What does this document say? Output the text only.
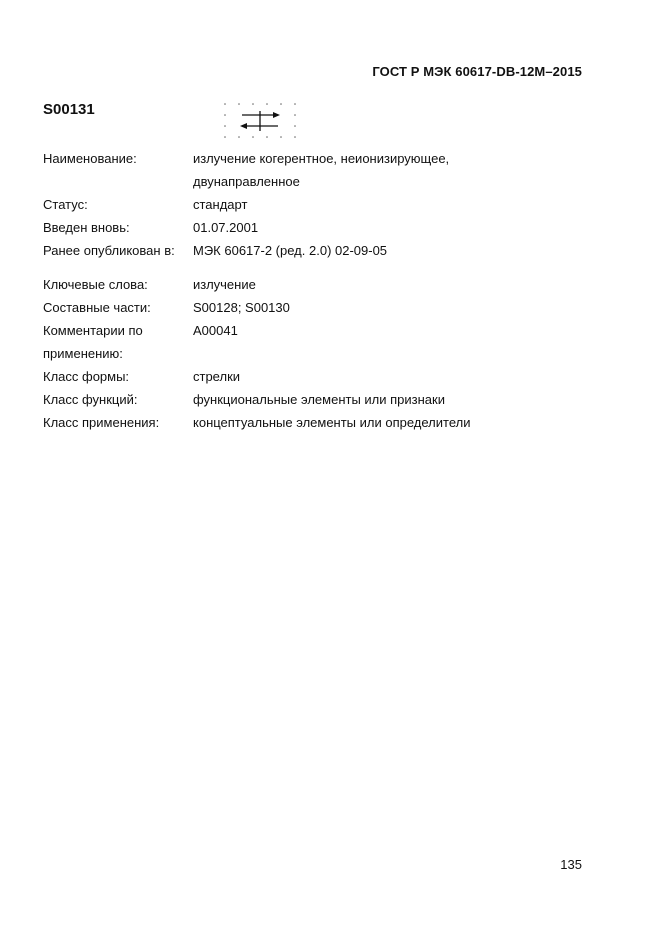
ГОСТ Р МЭК 60617-DB-12M–2015
S00131
Наименование:	излучение когерентное, неионизирующее,
двунаправленное
Статус:	стандарт
Введен вновь:	01.07.2001
Ранее опубликован в:	МЭК 60617-2 (ред. 2.0) 02-09-05
Ключевые слова:	излучение
Составные части:	S00128; S00130
Комментарии по
применению:
A00041
Класс формы:	стрелки
Класс функций:	функциональные элементы или признаки
Класс применения:	концептуальные элементы или определители
135
